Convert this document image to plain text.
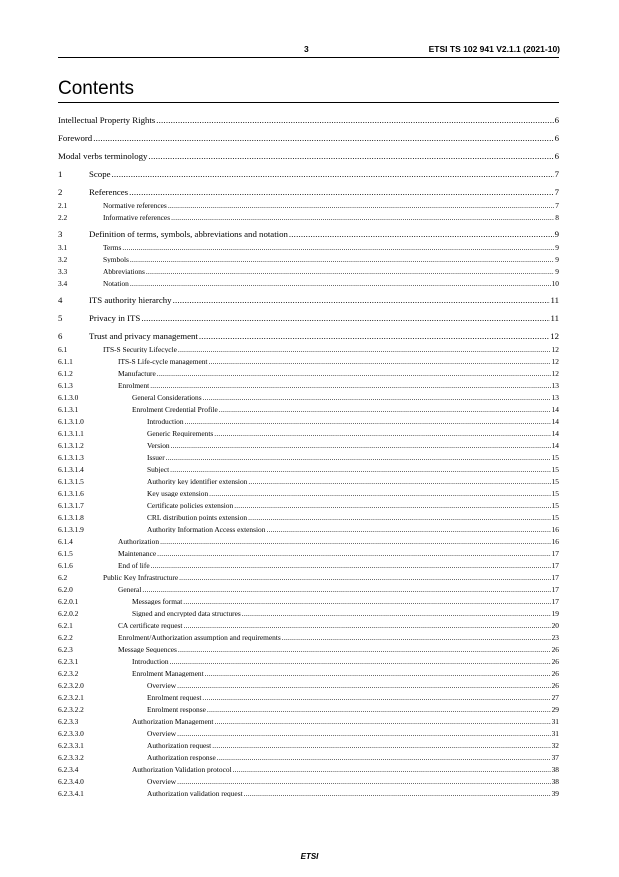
3	ETSI TS 102 941 V2.1.1 (2021-10)
Contents
Intellectual Property Rights .....	6
Foreword .....	6
Modal verbs terminology .....	6
1	Scope .....	7
2	References .....	7
2.1	Normative references .....	7
2.2	Informative references .....	8
3	Definition of terms, symbols, abbreviations and notation .....	9
3.1	Terms .....	9
3.2	Symbols .....	9
3.3	Abbreviations .....	9
3.4	Notation .....	10
4	ITS authority hierarchy .....	11
5	Privacy in ITS .....	11
6	Trust and privacy management .....	12
6.1	ITS-S Security Lifecycle .....	12
6.1.1	ITS-S Life-cycle management .....	12
6.1.2	Manufacture .....	12
6.1.3	Enrolment .....	13
6.1.3.0	General Considerations .....	13
6.1.3.1	Enrolment Credential Profile .....	14
6.1.3.1.0	Introduction .....	14
6.1.3.1.1	Generic Requirements .....	14
6.1.3.1.2	Version .....	14
6.1.3.1.3	Issuer .....	15
6.1.3.1.4	Subject .....	15
6.1.3.1.5	Authority key identifier extension .....	15
6.1.3.1.6	Key usage extension .....	15
6.1.3.1.7	Certificate policies extension .....	15
6.1.3.1.8	CRL distribution points extension .....	15
6.1.3.1.9	Authority Information Access extension .....	16
6.1.4	Authorization .....	16
6.1.5	Maintenance .....	17
6.1.6	End of life .....	17
6.2	Public Key Infrastructure .....	17
6.2.0	General .....	17
6.2.0.1	Messages format .....	17
6.2.0.2	Signed and encrypted data structures .....	19
6.2.1	CA certificate request .....	20
6.2.2	Enrolment/Authorization assumption and requirements .....	23
6.2.3	Message Sequences .....	26
6.2.3.1	Introduction .....	26
6.2.3.2	Enrolment Management .....	26
6.2.3.2.0	Overview .....	26
6.2.3.2.1	Enrolment request .....	27
6.2.3.2.2	Enrolment response .....	29
6.2.3.3	Authorization Management .....	31
6.2.3.3.0	Overview .....	31
6.2.3.3.1	Authorization request .....	32
6.2.3.3.2	Authorization response .....	37
6.2.3.4	Authorization Validation protocol .....	38
6.2.3.4.0	Overview .....	38
6.2.3.4.1	Authorization validation request .....	39
ETSI
